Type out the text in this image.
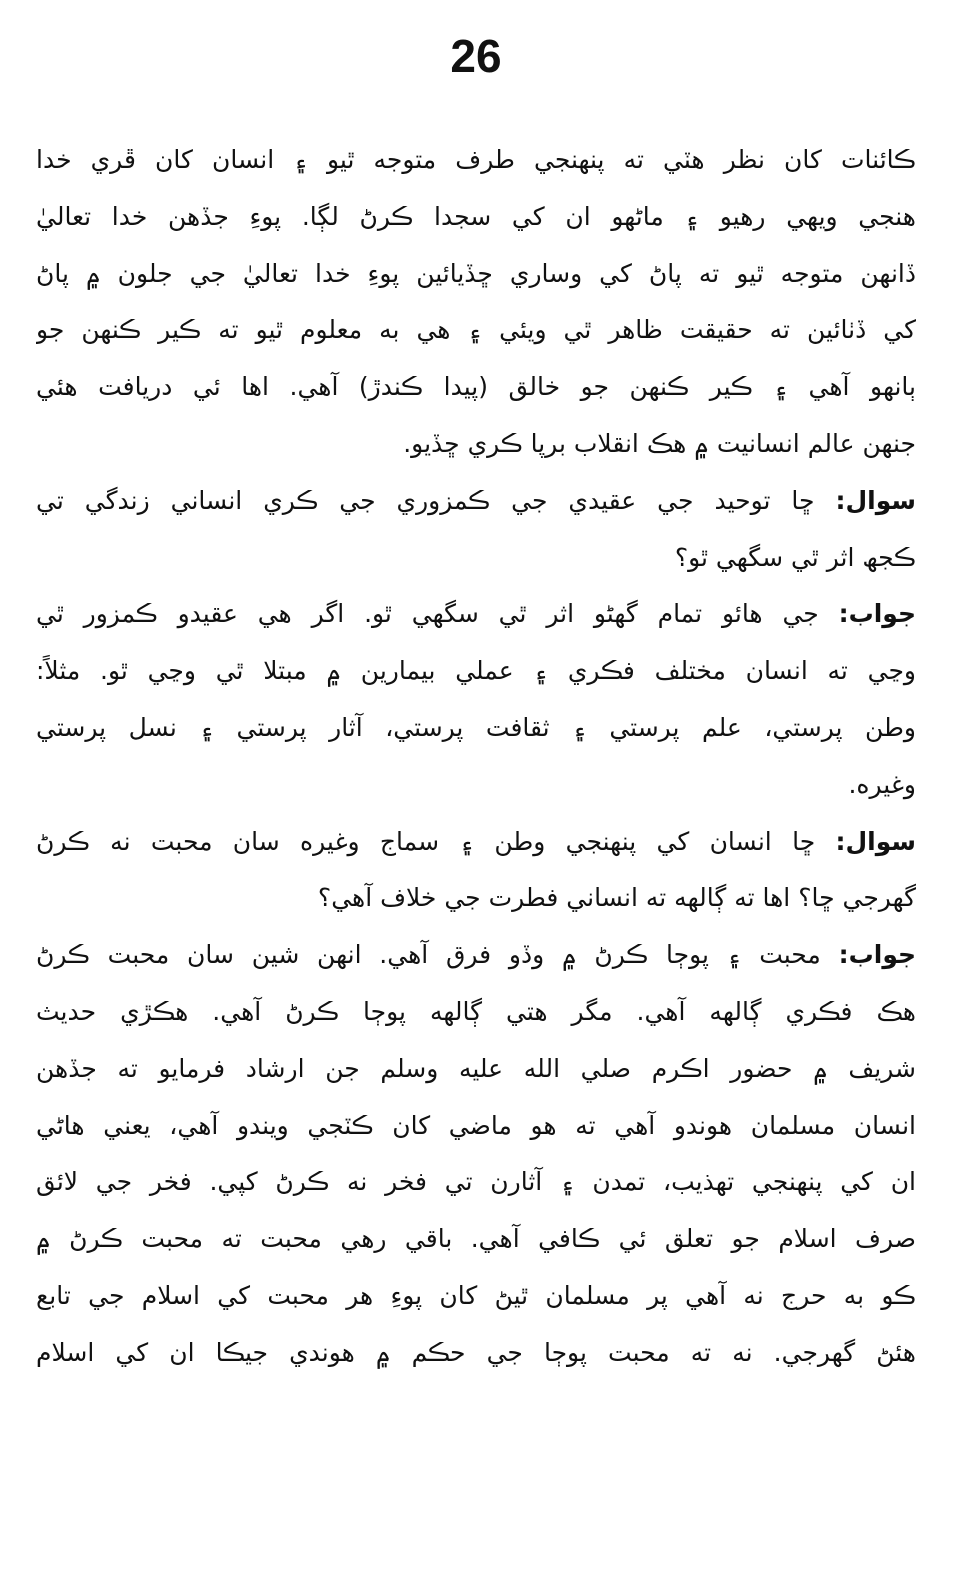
26
ڪائنات کان نظر هٽي ته پنهنجي طرف متوجه ٿيو ۽ انسان کان ڦري خدا
ھنجي ويهي رهيو ۽ ماڻهو ان کي سجدا ڪرڻ لڳا. پوءِ جڏهن خدا تعاليٰ
ڏانهن متوجه ٿيو ته پاڻ کي وساري ڇڏيائين پوءِ خدا تعاليٰ جي جلون ۾ پاڻ
کي ڏٺائين ته حقيقت ظاهر ٿي ويئي ۽ هي به معلوم ٿيو ته ڪير ڪنهن جو
ٻانهو آهي ۽ ڪير ڪنهن جو خالق (پيدا ڪندڙ) آهي. اها ئي دريافت هئي
جنهن عالم انسانيت ۾ هڪ انقلاب برپا ڪري ڇڏيو.
سوال: ڇا توحيد جي عقيدي جي ڪمزوري جي ڪري انساني زندگي تي
ڪجھ اثر ٿي سگھي ٿو؟
جواب: جي هائو تمام گهڻو اثر ٿي سگھي ٿو. اگر هي عقيدو ڪمزور ٿي
وڃي ته انسان مختلف فڪري ۽ عملي بيمارين ۾ مبتلا ٿي وڃي ٿو. مثلاً:
وطن پرستي، علم پرستي ۽ ثقافت پرستي، آثار پرستي ۽ نسل پرستي
وغيره.
سوال: ڇا انسان کي پنهنجي وطن ۽ سماج وغيره سان محبت نه ڪرڻ
گهرجي ڇا؟ اها ته ڳالهه ته انساني فطرت جي خلاف آهي؟
جواب: محبت ۽ پوڄا ڪرڻ ۾ وڏو فرق آهي. انهن شين سان محبت ڪرڻ
هڪ فڪري ڳالهه آهي. مگر هتي ڳالهه پوڄا ڪرڻ آهي. هڪڙي حديث
شريف ۾ حضور اڪرم صلي الله عليه وسلم جن ارشاد فرمايو ته جڏهن
انسان مسلمان هوندو آهي ته هو ماضي کان ڪٽجي ويندو آهي، يعني هاڻي
ان کي پنهنجي تهذيب، تمدن ۽ آثارن تي فخر نه ڪرڻ کپي. فخر جي لائق
صرف اسلام جو تعلق ئي ڪافي آهي. باقي رهي محبت ته محبت ڪرڻ ۾
ڪو به حرج نه آهي پر مسلمان ٿيڻ کان پوءِ هر محبت کي اسلام جي تابع
هئڻ گهرجي. نه ته محبت پوڄا جي حڪم ۾ هوندي جيڪا ان کي اسلام
